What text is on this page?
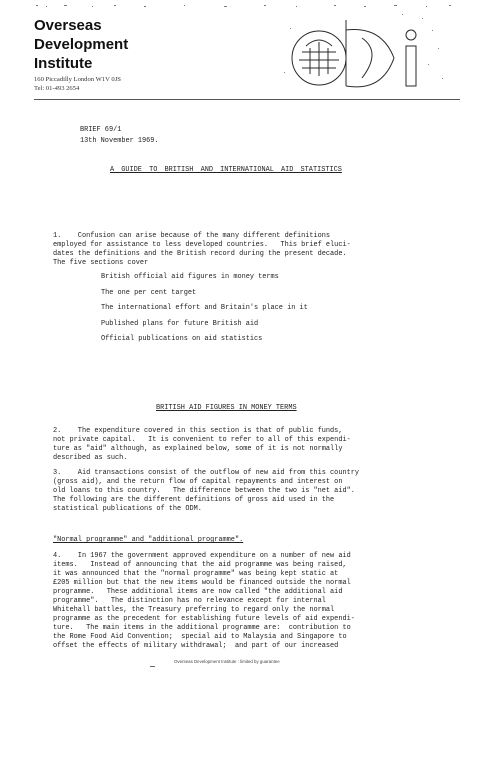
Overseas
Development
Institute
160 Piccadilly London W1V 0JS
Tel: 01-493 2654
BRIEF 69/1
13th November 1969.
A GUIDE TO BRITISH AND INTERNATIONAL AID STATISTICS
1.    Confusion can arise because of the many different definitions
employed for assistance to less developed countries.   This brief eluci-
dates the definitions and the British record during the present decade.
The five sections cover
British official aid figures in money terms
The one per cent target
The international effort and Britain's place in it
Published plans for future British aid
Official publications on aid statistics
BRITISH AID FIGURES IN MONEY TERMS
2.    The expenditure covered in this section is that of public funds,
not private capital.   It is convenient to refer to all of this expendi-
ture as "aid" although, as explained below, some of it is not normally
described as such.
3.    Aid transactions consist of the outflow of new aid from this country
(gross aid), and the return flow of capital repayments and interest on
old loans to this country.   The difference between the two is "net aid".
The following are the different definitions of gross aid used in the
statistical publications of the ODM.
"Normal programme" and "additional programme".
4.    In 1967 the government approved expenditure on a number of new aid
items.   Instead of announcing that the aid programme was being raised,
it was announced that the "normal programme" was being kept static at
£205 million but that the new items would be financed outside the normal
programme.   These additional items are now called "the additional aid
programme".   The distinction has no relevance except for internal
Whitehall battles, the Treasury preferring to regard only the normal
programme as the precedent for establishing future levels of aid expendi-
ture.   The main items in the additional programme are:  contribution to
the Rome Food Aid Convention;  special aid to Malaysia and Singapore to
offset the effects of military withdrawal;  and part of our increased
Overseas Development Institute : limited by guarantee
